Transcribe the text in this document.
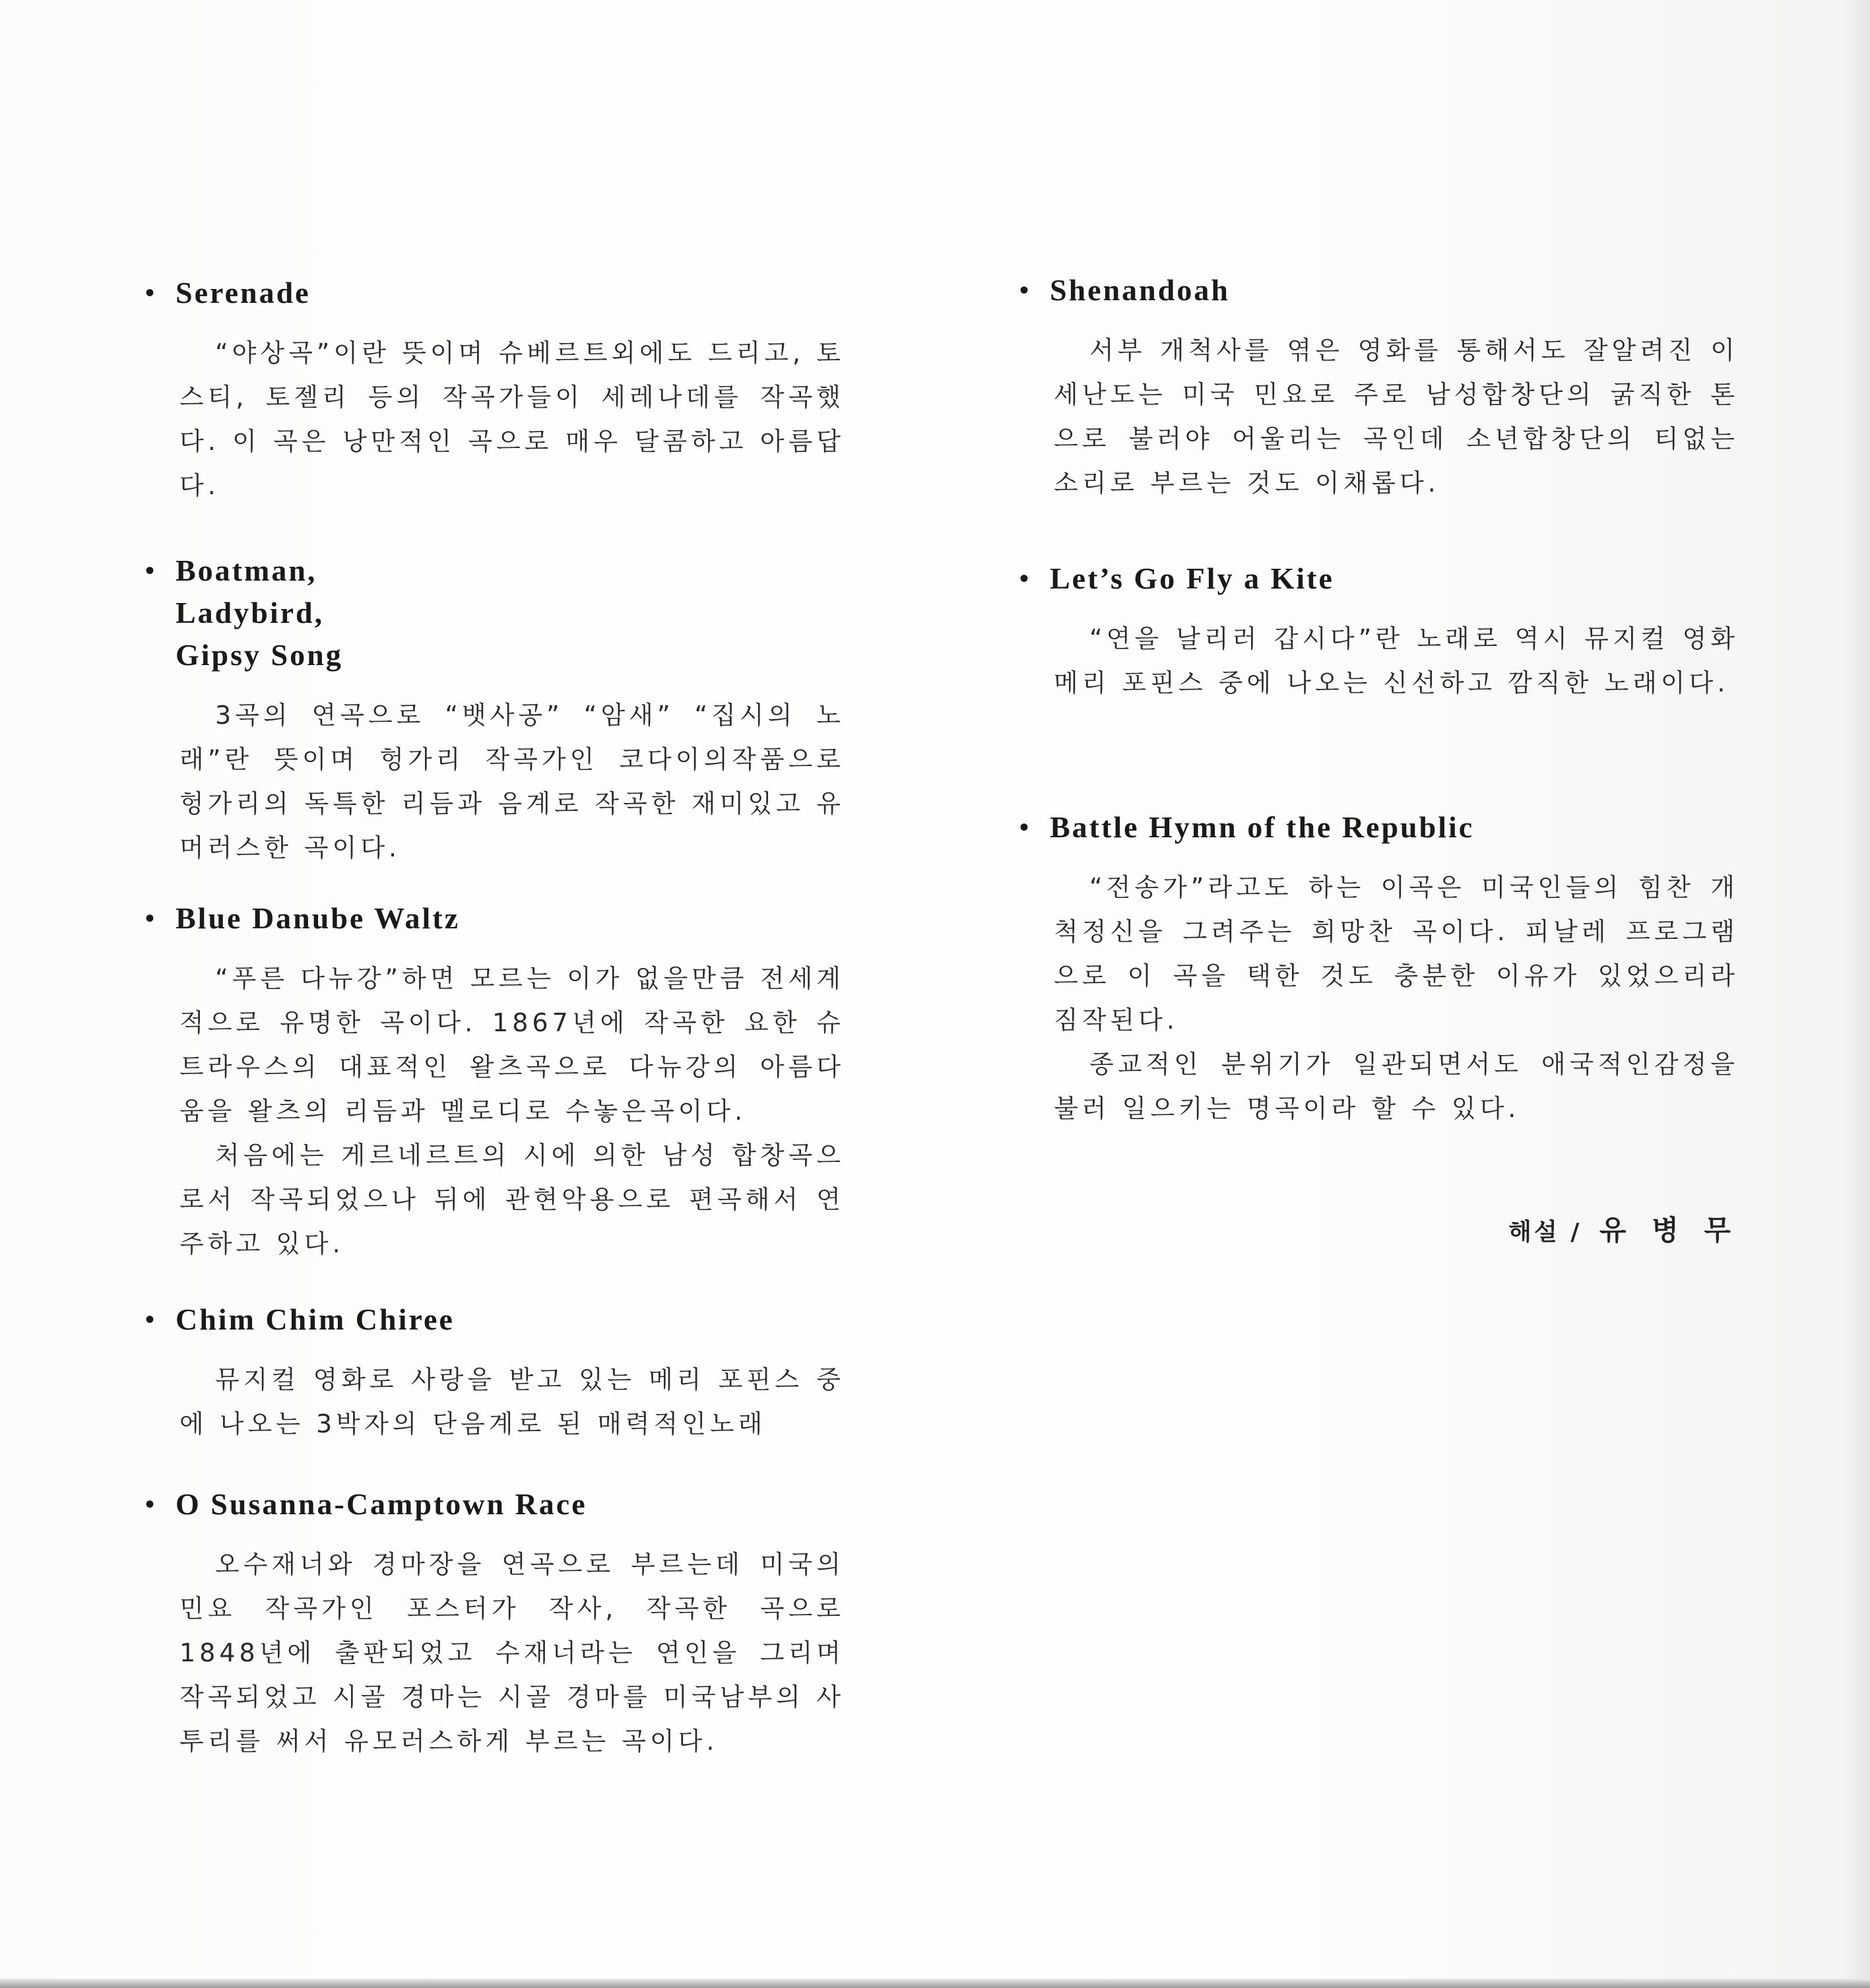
• Serenade

“야상곡”이란 뜻이며 슈베르트외에도 드리고, 토스티, 토젤리 등의 작곡가들이 세레나데를 작곡했다. 이 곡은 낭만적인 곡으로 매우 달콤하고 아름답다.

• Boatman,
Ladybird,
Gipsy Song

3곡의 연곡으로 “뱃사공” “암새” “집시의 노래”란 뜻이며 헝가리 작곡가인 코다이의작품으로 헝가리의 독특한 리듬과 음계로 작곡한 재미있고 유머러스한 곡이다.

• Blue Danube Waltz

“푸른 다뉴강”하면 모르는 이가 없을만큼 전세계적으로 유명한 곡이다. 1867년에 작곡한 요한 슈트라우스의 대표적인 왈츠곡으로 다뉴강의 아름다움을 왈츠의 리듬과 멜로디로 수놓은곡이다.

처음에는 게르네르트의 시에 의한 남성 합창곡으로서 작곡되었으나 뒤에 관현악용으로 편곡해서 연주하고 있다.

• Chim Chim Chiree

뮤지컬 영화로 사랑을 받고 있는 메리 포핀스 중에 나오는 3박자의 단음계로 된 매력적인노래

• O Susanna-Camptown Race

오수재너와 경마장을 연곡으로 부르는데 미국의 민요 작곡가인 포스터가 작사, 작곡한 곡으로 1848년에 출판되었고 수재너라는 연인을 그리며 작곡되었고 시골 경마는 시골 경마를 미국남부의 사투리를 써서 유모러스하게 부르는 곡이다.

• Shenandoah

서부 개척사를 엮은 영화를 통해서도 잘알려진 이 세난도는 미국 민요로 주로 남성합창단의 굵직한 톤으로 불러야 어울리는 곡인데 소년합창단의 티없는 소리로 부르는 것도 이채롭다.

• Let’s Go Fly a Kite

“연을 날리러 갑시다”란 노래로 역시 뮤지컬 영화 메리 포핀스 중에 나오는 신선하고 깜직한 노래이다.

• Battle Hymn of the Republic

“전송가”라고도 하는 이곡은 미국인들의 힘찬 개척정신을 그려주는 희망찬 곡이다. 피날레 프로그램으로 이 곡을 택한 것도 충분한 이유가 있었으리라 짐작된다.

종교적인 분위기가 일관되면서도 애국적인감정을 불러 일으키는 명곡이라 할 수 있다.

해설 / 유 병 무
